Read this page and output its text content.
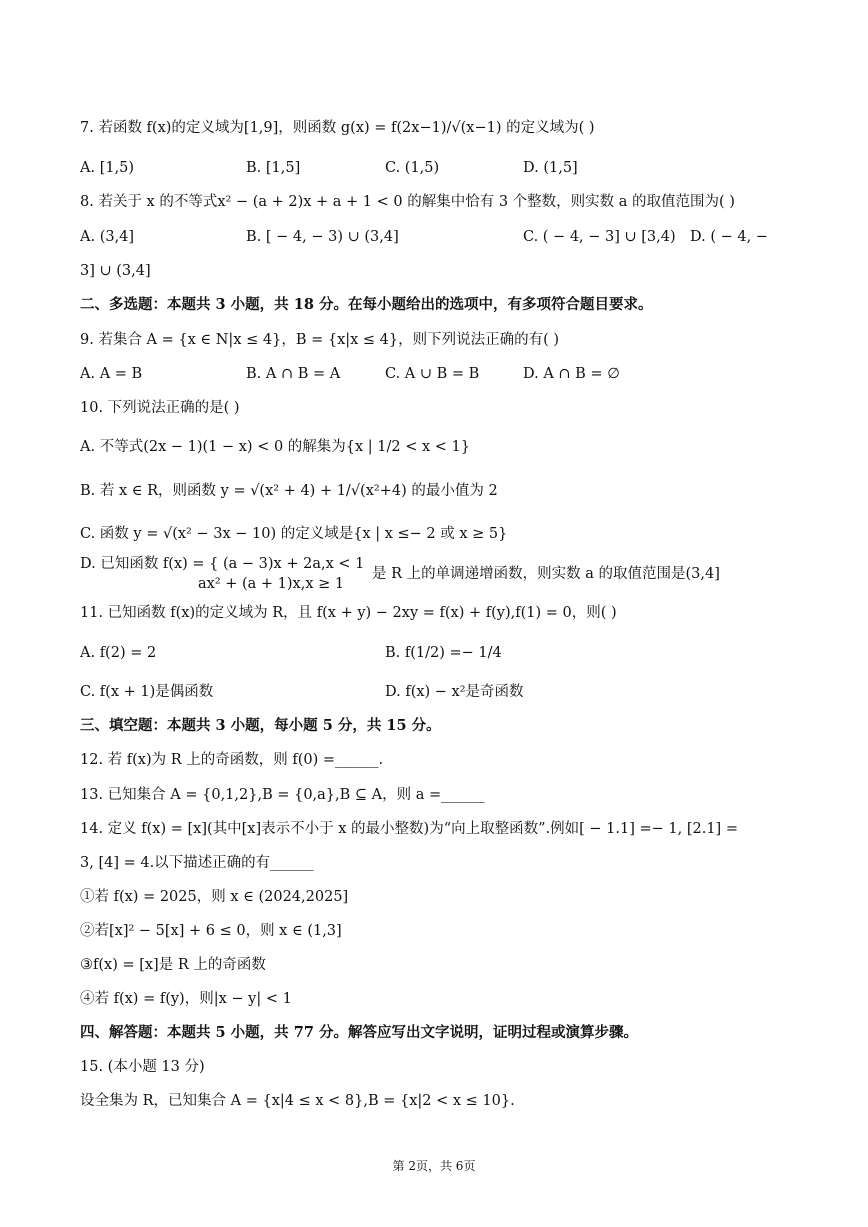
7. 若函数 f(x)的定义域为[1,9]，则函数 g(x) = f(2x−1)/√(x−1) 的定义域为( )
A. [1,5)	B. [1,5]	C. (1,5)	D. (1,5]
8. 若关于 x 的不等式x² − (a + 2)x + a + 1 < 0 的解集中恰有 3 个整数，则实数 a 的取值范围为( )
A. (3,4]	B. [ − 4, − 3) ∪ (3,4]	C. ( − 4, − 3] ∪ [3,4) D. ( − 4, −
3] ∪ (3,4]
二、多选题：本题共 3 小题，共 18 分。在每小题给出的选项中，有多项符合题目要求。
9. 若集合 A = {x ∈ N|x ≤ 4}，B = {x|x ≤ 4}，则下列说法正确的有( )
A. A = B	B. A ∩ B = A	C. A ∪ B = B	D. A ∩ B = ∅
10. 下列说法正确的是( )
A. 不等式(2x − 1)(1 − x) < 0 的解集为{x | 1/2 < x < 1}
B. 若 x ∈ R，则函数 y = √(x² + 4) + 1/√(x²+4) 的最小值为 2
C. 函数 y = √(x² − 3x − 10) 的定义域是{x | x ≤− 2 或 x ≥ 5}
D. 已知函数 f(x) = { (a − 3)x + 2a,x < 1
ax² + (a + 1)x,x ≥ 1
是 R 上的单调递增函数，则实数 a 的取值范围是(3,4]
11. 已知函数 f(x)的定义域为 R，且 f(x + y) − 2xy = f(x) + f(y),f(1) = 0，则( )
A. f(2) = 2	B. f(1/2) =− 1/4
C. f(x + 1)是偶函数	D. f(x) − x²是奇函数
三、填空题：本题共 3 小题，每小题 5 分，共 15 分。
12. 若 f(x)为 R 上的奇函数，则 f(0) =______.
13. 已知集合 A = {0,1,2},B = {0,a},B ⊆ A，则 a =______
14. 定义 f(x) = [x](其中[x]表示不小于 x 的最小整数)为“向上取整函数”.例如[ − 1.1] =− 1, [2.1] =
3, [4] = 4.以下描述正确的有______
①若 f(x) = 2025，则 x ∈ (2024,2025]
②若[x]² − 5[x] + 6 ≤ 0，则 x ∈ (1,3]
③f(x) = [x]是 R 上的奇函数
④若 f(x) = f(y)，则|x − y| < 1
四、解答题：本题共 5 小题，共 77 分。解答应写出文字说明，证明过程或演算步骤。
15. (本小题 13 分)
设全集为 R，已知集合 A = {x|4 ≤ x < 8},B = {x|2 < x ≤ 10}.
第 2页，共 6页
